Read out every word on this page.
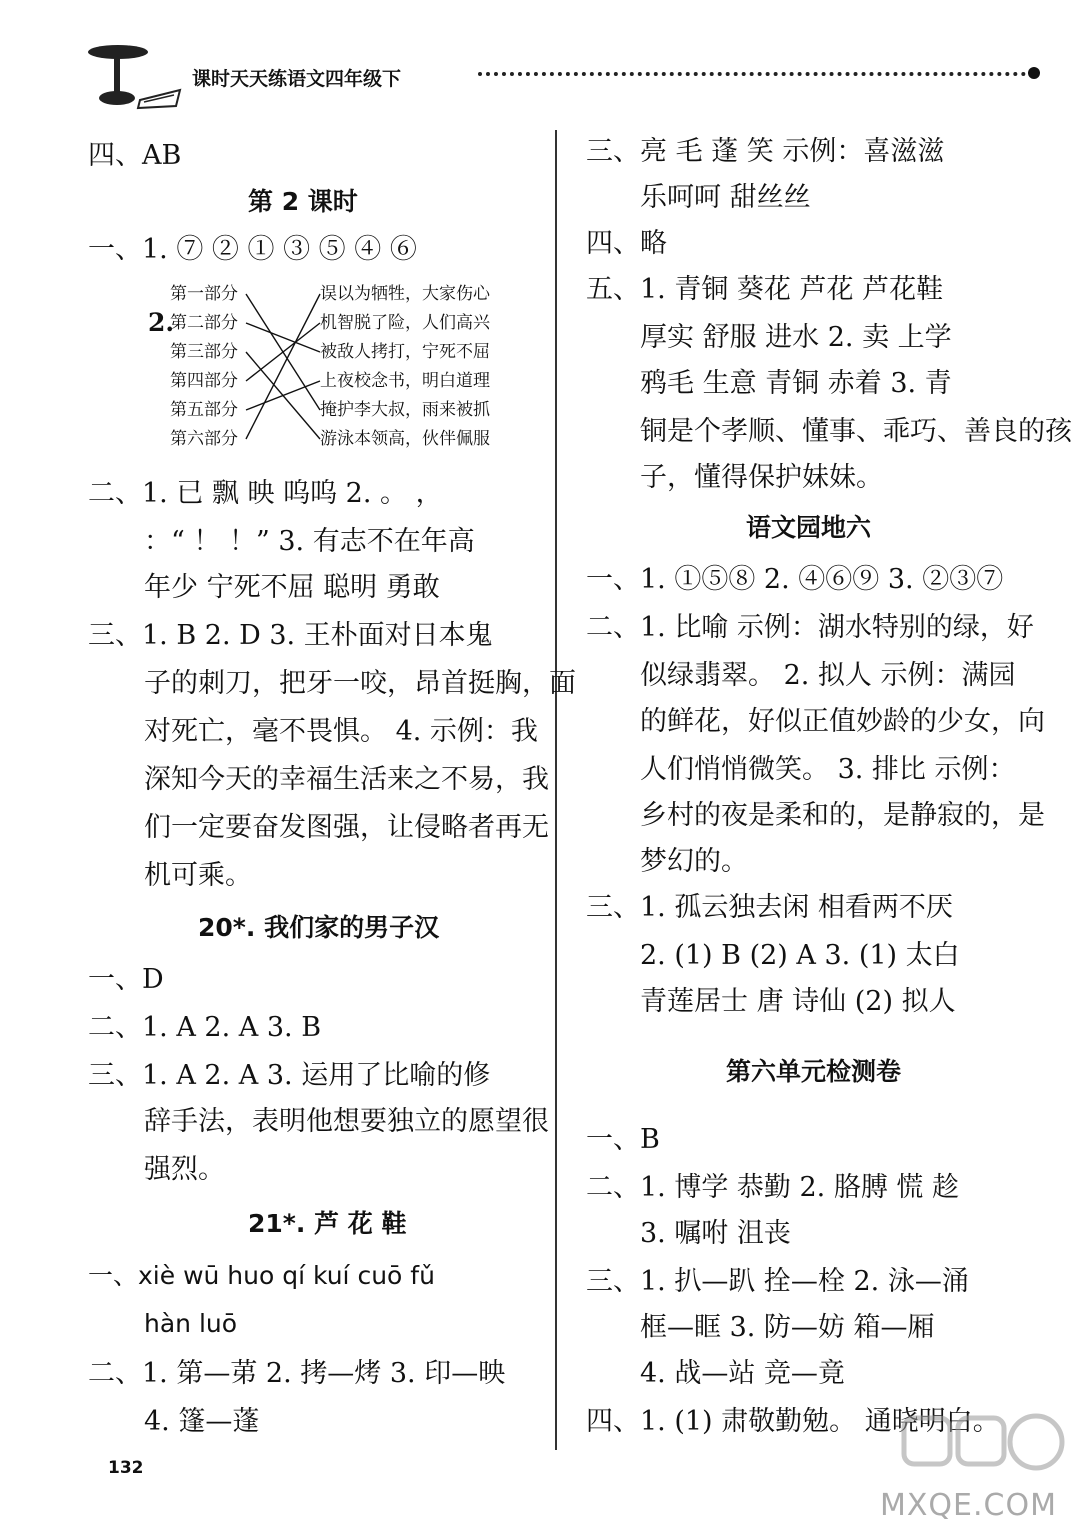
课时天天练语文四年级下
四、AB
第 2 课时
一、1. ⑦ ② ① ③ ⑤ ④ ⑥
2.
第一部分
第二部分
第三部分
第四部分
第五部分
第六部分
误以为牺牲，大家伤心
机智脱了险，人们高兴
被敌人拷打，宁死不屈
上夜校念书，明白道理
掩护李大叔，雨来被抓
游泳本领高，伙伴佩服
二、1. 已 飘 映 呜呜 2. 。 ，
：“ ！ ！” 3. 有志不在年高
年少 宁死不屈 聪明 勇敢
三、1. B 2. D 3. 王朴面对日本鬼
子的刺刀，把牙一咬，昂首挺胸，面
对死亡，毫不畏惧。 4. 示例：我
深知今天的幸福生活来之不易，我
们一定要奋发图强，让侵略者再无
机可乘。
20*. 我们家的男子汉
一、D
二、1. A 2. A 3. B
三、1. A 2. A 3. 运用了比喻的修
辞手法，表明他想要独立的愿望很
强烈。
21*. 芦 花 鞋
一、xiè wū huo qí kuí cuō fǔ
hàn luō
二、1. 第—苐 2. 拷—烤 3. 印—映
4. 篷—蓬
三、亮 毛 蓬 笑 示例：喜滋滋
乐呵呵 甜丝丝
四、略
五、1. 青铜 葵花 芦花 芦花鞋
厚实 舒服 进水 2. 卖 上学
鸦毛 生意 青铜 赤着 3. 青
铜是个孝顺、懂事、乖巧、善良的孩
子，懂得保护妹妹。
语文园地六
一、1. ①⑤⑧ 2. ④⑥⑨ 3. ②③⑦
二、1. 比喻 示例：湖水特别的绿，好
似绿翡翠。 2. 拟人 示例：满园
的鲜花，好似正值妙龄的少女，向
人们悄悄微笑。 3. 排比 示例：
乡村的夜是柔和的，是静寂的，是
梦幻的。
三、1. 孤云独去闲 相看两不厌
2. (1) B (2) A 3. (1) 太白
青莲居士 唐 诗仙 (2) 拟人
第六单元检测卷
一、B
二、1. 博学 恭勤 2. 胳膊 慌 趁
3. 嘱咐 沮丧
三、1. 扒—趴 拴—栓 2. 泳—涌
框—眶 3. 防—妨 箱—厢
4. 战—站 竞—竟
四、1. (1) 肃敬勤勉。 通晓明白。
132
MXQE.COM
